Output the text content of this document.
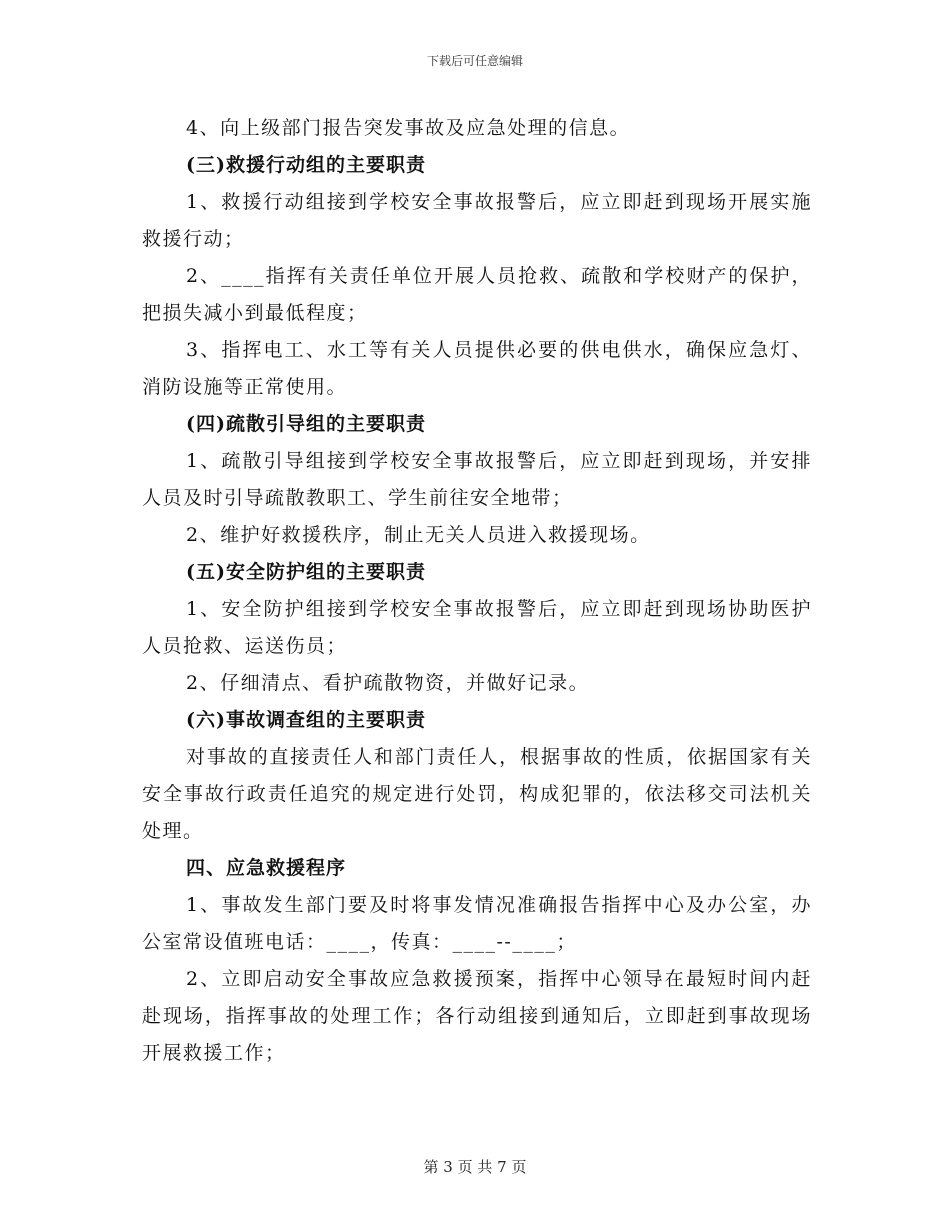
下载后可任意编辑

4、向上级部门报告突发事故及应急处理的信息。

(三)救援行动组的主要职责

1、救援行动组接到学校安全事故报警后，应立即赶到现场开展实施救援行动；

2、____指挥有关责任单位开展人员抢救、疏散和学校财产的保护，把损失减小到最低程度；

3、指挥电工、水工等有关人员提供必要的供电供水，确保应急灯、消防设施等正常使用。

(四)疏散引导组的主要职责

1、疏散引导组接到学校安全事故报警后，应立即赶到现场，并安排人员及时引导疏散教职工、学生前往安全地带；

2、维护好救援秩序，制止无关人员进入救援现场。

(五)安全防护组的主要职责

1、安全防护组接到学校安全事故报警后，应立即赶到现场协助医护人员抢救、运送伤员；

2、仔细清点、看护疏散物资，并做好记录。

(六)事故调查组的主要职责

对事故的直接责任人和部门责任人，根据事故的性质，依据国家有关安全事故行政责任追究的规定进行处罚，构成犯罪的，依法移交司法机关处理。

四、应急救援程序

1、事故发生部门要及时将事发情况准确报告指挥中心及办公室，办公室常设值班电话：____，传真：____--____；

2、立即启动安全事故应急救援预案，指挥中心领导在最短时间内赶赴现场，指挥事故的处理工作；各行动组接到通知后，立即赶到事故现场开展救援工作；

第 3 页 共 7 页
